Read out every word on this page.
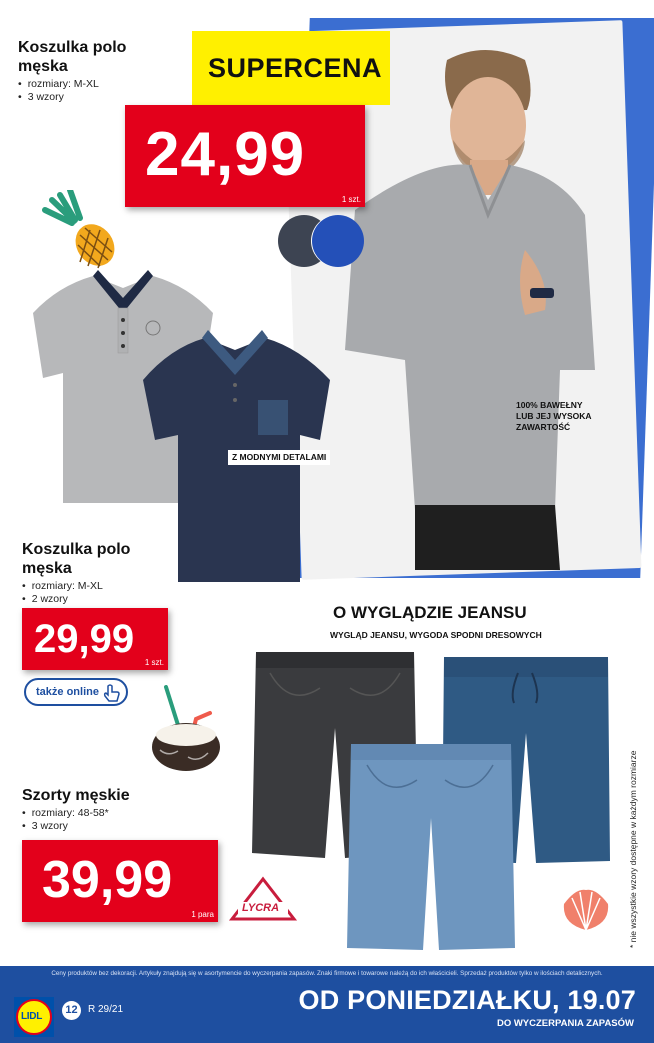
Koszulka polo
męska
• rozmiary: M-XL
• 3 wzory
SUPERCENA
24,99
1 szt.
Z MODNYMI DETALAMI
100% BAWEŁNY
LUB JEJ WYSOKA
ZAWARTOŚĆ
Koszulka polo
męska
• rozmiary: M-XL
• 2 wzory
29,99
1 szt.
także online
O WYGLĄDZIE JEANSU
WYGLĄD JEANSU, WYGODA SPODNI DRESOWYCH
Szorty męskie
• rozmiary: 48-58*
• 3 wzory
39,99
1 para
LYCRA	* nie wszystkie wzory dostępne w każdym rozmiarze
Ceny produktów bez dekoracji. Artykuły znajdują się w asortymencie do wyczerpania zapasów. Znaki firmowe i towarowe należą do ich właścicieli. Sprzedaż produktów tylko w ilościach detalicznych.
LIDL
12	R 29/21	OD PONIEDZIAŁKU, 19.07
DO WYCZERPANIA ZAPASÓW
